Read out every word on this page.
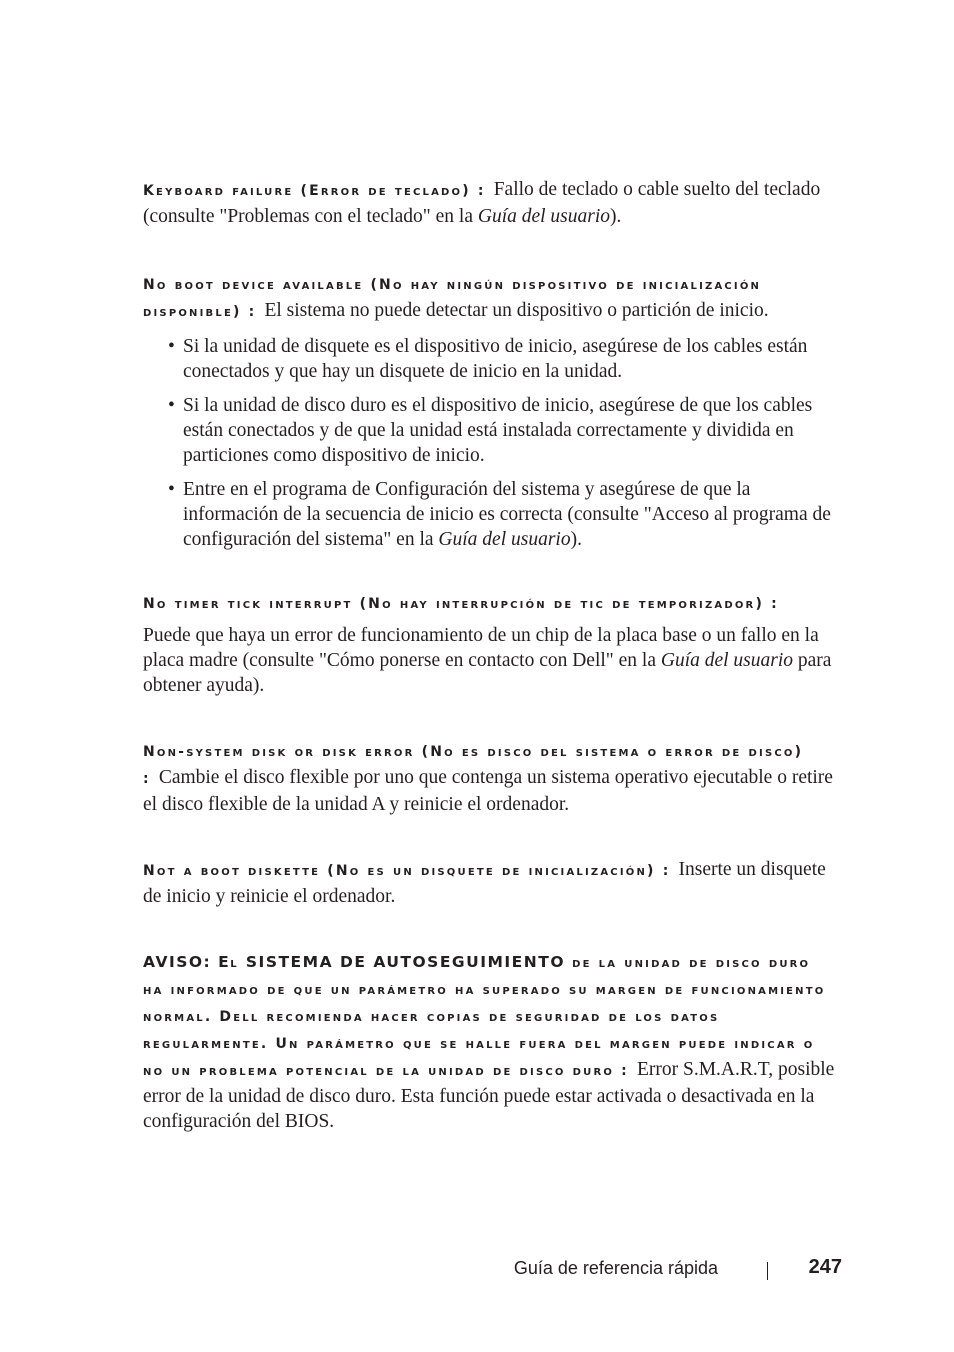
Keyboard failure (Error de teclado) : Fallo de teclado o cable suelto del teclado (consulte "Problemas con el teclado" en la Guía del usuario).

No boot device available (No hay ningún dispositivo de inicialización disponible) : El sistema no puede detectar un dispositivo o partición de inicio.

• Si la unidad de disquete es el dispositivo de inicio, asegúrese de los cables están conectados y que hay un disquete de inicio en la unidad.
• Si la unidad de disco duro es el dispositivo de inicio, asegúrese de que los cables están conectados y de que la unidad está instalada correctamente y dividida en particiones como dispositivo de inicio.
• Entre en el programa de Configuración del sistema y asegúrese de que la información de la secuencia de inicio es correcta (consulte "Acceso al programa de configuración del sistema" en la Guía del usuario).

No timer tick interrupt (No hay interrupción de tic de temporizador) :

Puede que haya un error de funcionamiento de un chip de la placa base o un fallo en la placa madre (consulte "Cómo ponerse en contacto con Dell" en la Guía del usuario para obtener ayuda).

Non-system disk or disk error (No es disco del sistema o error de disco) : Cambie el disco flexible por uno que contenga un sistema operativo ejecutable o retire el disco flexible de la unidad A y reinicie el ordenador.

Not a boot diskette (No es un disquete de inicialización) : Inserte un disquete de inicio y reinicie el ordenador.

AVISO: El SISTEMA DE AUTOSEGUIMIENTO de la unidad de disco duro ha informado de que un parámetro ha superado su margen de funcionamiento normal. Dell recomienda hacer copias de seguridad de los datos regularmente. Un parámetro que se halle fuera del margen puede indicar o no un problema potencial de la unidad de disco duro : Error S.M.A.R.T, posible error de la unidad de disco duro. Esta función puede estar activada o desactivada en la configuración del BIOS.

Guía de referencia rápida	247
